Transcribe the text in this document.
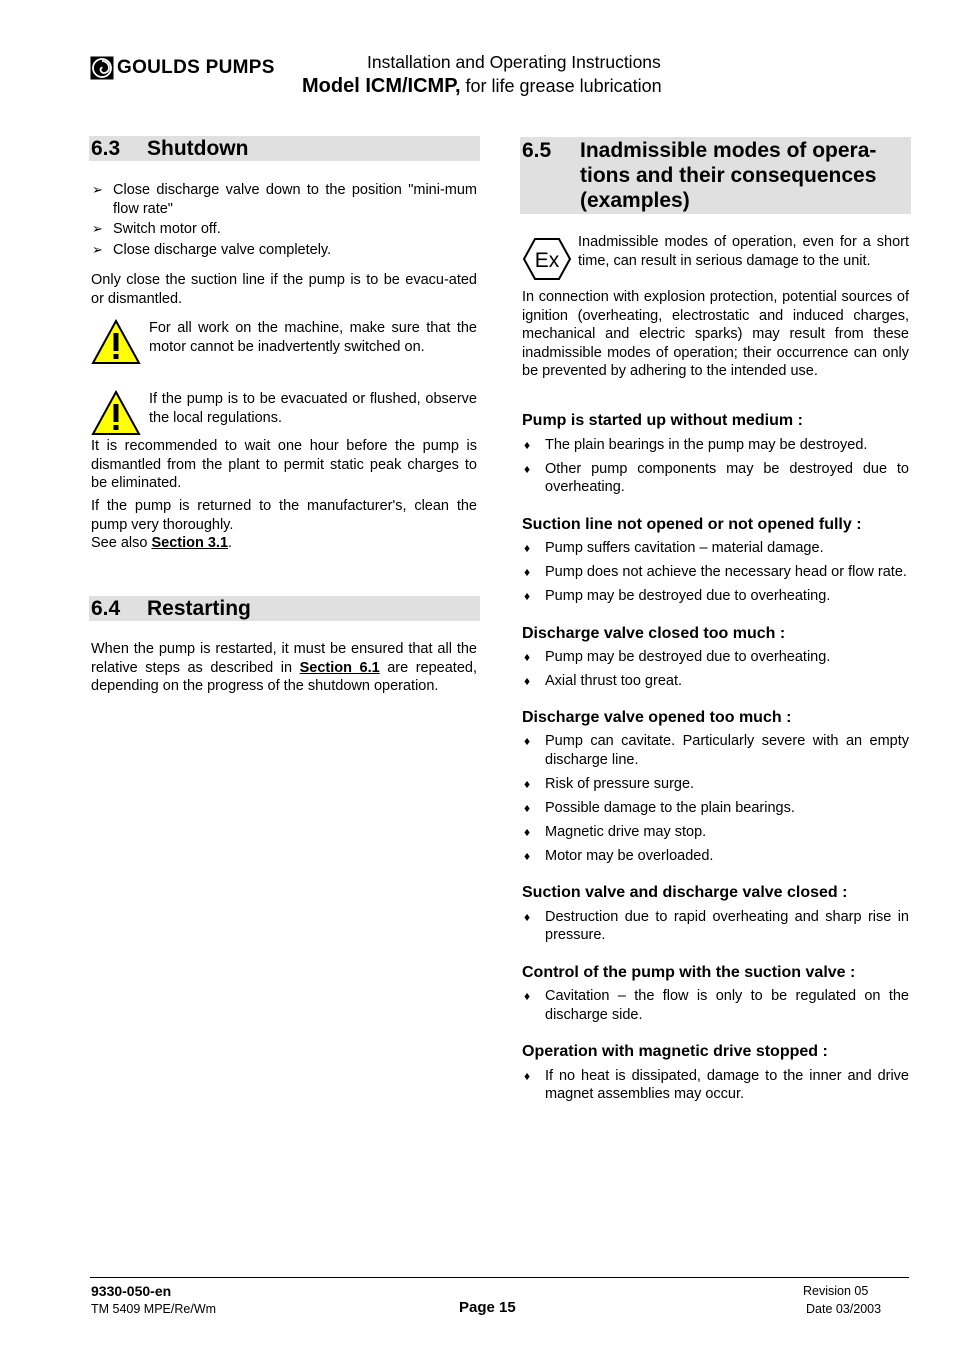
GOULDS PUMPS	Installation and Operating Instructions
Model ICM/ICMP, for life grease lubrication
6.3 Shutdown
➢ Close discharge valve down to the position "mini-mum flow rate"
➢ Switch motor off.
➢ Close discharge valve completely.

Only close the suction line if the pump is to be evacu-ated or dismantled.

For all work on the machine, make sure that the motor cannot be inadvertently switched on.

If the pump is to be evacuated or flushed, observe the local regulations.

It is recommended to wait one hour before the pump is dismantled from the plant to permit static peak charges to be eliminated.

If the pump is returned to the manufacturer's, clean the pump very thoroughly.

See also Section 3.1.

6.4 Restarting

When the pump is restarted, it must be ensured that all the relative steps as described in Section 6.1 are repeated, depending on the progress of the shutdown operation.

6.5	Inadmissible modes of opera-tions and their consequences (examples)
Ex

Inadmissible modes of operation, even for a short time, can result in serious damage to the unit.

In connection with explosion protection, potential sources of ignition (overheating, electrostatic and induced charges, mechanical and electric sparks) may result from these inadmissible modes of operation; their occurrence can only be prevented by adhering to the intended use.

Pump is started up without medium :
♦ The plain bearings in the pump may be destroyed.
♦ Other pump components may be destroyed due to overheating.
Suction line not opened or not opened fully :
♦ Pump suffers cavitation – material damage.
♦ Pump does not achieve the necessary head or flow rate.
♦ Pump may be destroyed due to overheating.
Discharge valve closed too much :
♦ Pump may be destroyed due to overheating.
♦ Axial thrust too great.
Discharge valve opened too much :
♦ Pump can cavitate. Particularly severe with an empty discharge line.
♦ Risk of pressure surge.
♦ Possible damage to the plain bearings.
♦ Magnetic drive may stop.
♦ Motor may be overloaded.
Suction valve and discharge valve closed :
♦ Destruction due to rapid overheating and sharp rise in pressure.
Control of the pump with the suction valve :
♦ Cavitation – the flow is only to be regulated on the discharge side.
Operation with magnetic drive stopped :
♦ If no heat is dissipated, damage to the inner and drive magnet assemblies may occur.
9330-050-en
TM 5409 MPE/Re/Wm	Page 15
Revision 05
Date 03/2003
